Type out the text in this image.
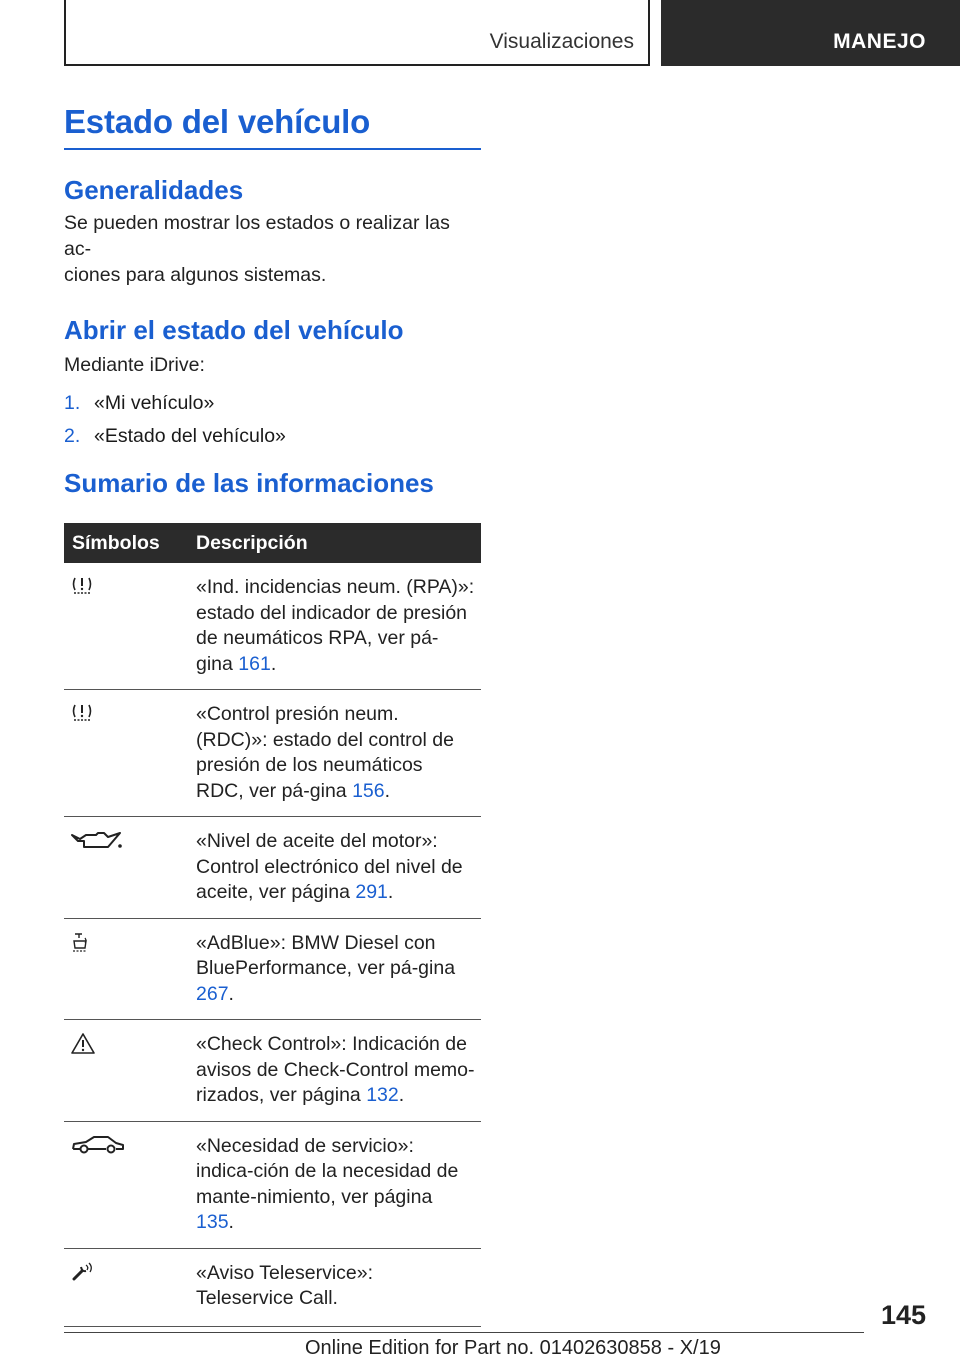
Visualizaciones	MANEJO
Estado del vehículo
Generalidades

Se pueden mostrar los estados o realizar las ac-
ciones para algunos sistemas.

Abrir el estado del vehículo

Mediante iDrive:

1. «Mi vehículo»
2. «Estado del vehículo»
Sumario de las informaciones
Símbolos	Descripción

	«Ind. incidencias neum. (RPA)»: estado del indicador de presión de neumáticos RPA, ver pá-gina 161.

	«Control presión neum. (RDC)»: estado del control de presión de los neumáticos RDC, ver pá-gina 156.

	«Nivel de aceite del motor»: Control electrónico del nivel de aceite, ver página 291.

	«AdBlue»: BMW Diesel con BluePerformance, ver pá-gina 267.

	«Check Control»: Indicación de avisos de Check-Control memo-rizados, ver página 132.

	«Necesidad de servicio»: indica-ción de la necesidad de mante-nimiento, ver página 135.

	«Aviso Teleservice»: Teleservice Call.
145
Online Edition for Part no. 01402630858 - X/19
